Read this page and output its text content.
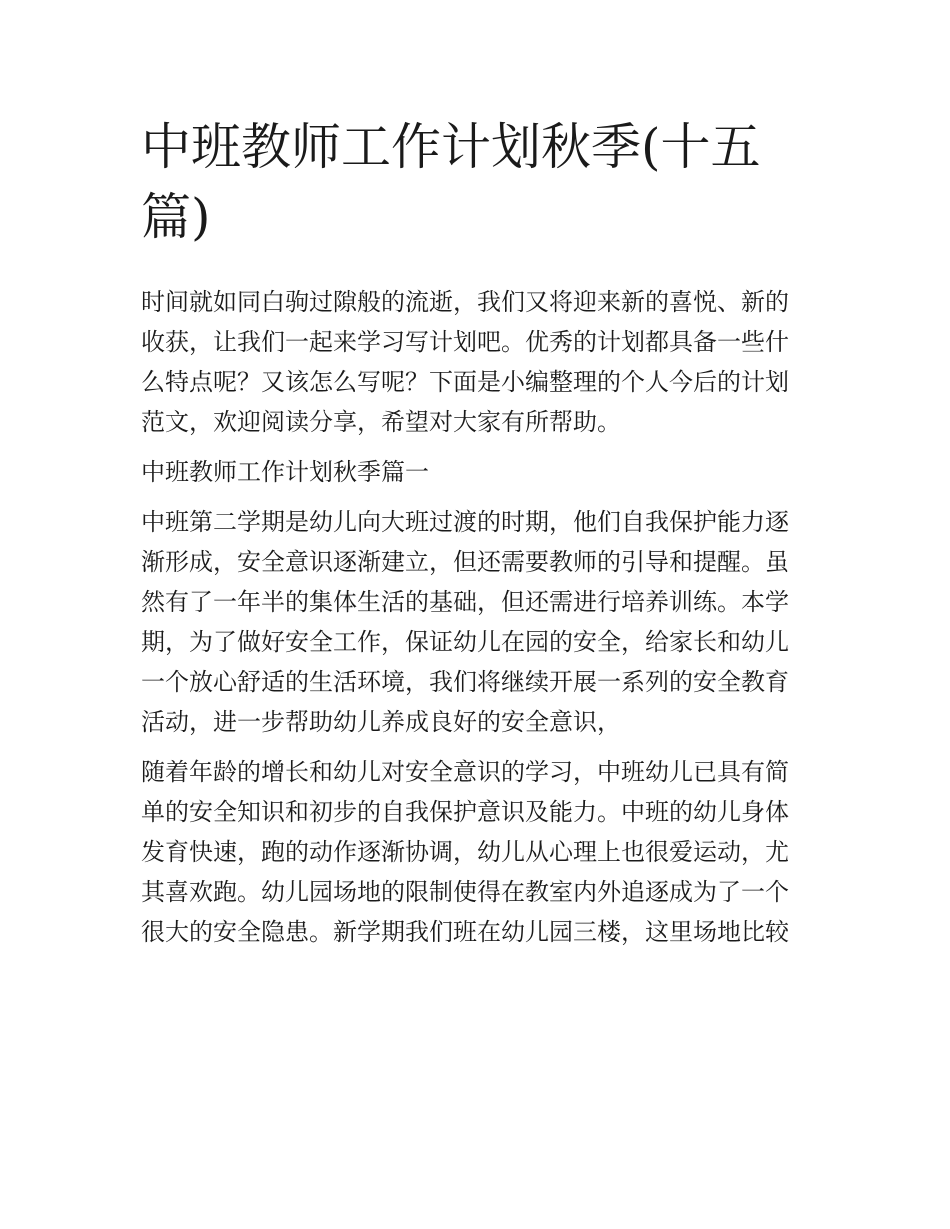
中班教师工作计划秋季(十五篇)
时间就如同白驹过隙般的流逝，我们又将迎来新的喜悦、新的
收获，让我们一起来学习写计划吧。优秀的计划都具备一些什
么特点呢？又该怎么写呢？下面是小编整理的个人今后的计划
范文，欢迎阅读分享，希望对大家有所帮助。
中班教师工作计划秋季篇一
中班第二学期是幼儿向大班过渡的时期，他们自我保护能力逐
渐形成，安全意识逐渐建立，但还需要教师的引导和提醒。虽
然有了一年半的集体生活的基础，但还需进行培养训练。本学
期，为了做好安全工作，保证幼儿在园的安全，给家长和幼儿
一个放心舒适的生活环境，我们将继续开展一系列的安全教育
活动，进一步帮助幼儿养成良好的安全意识，
随着年龄的增长和幼儿对安全意识的学习，中班幼儿已具有简
单的安全知识和初步的自我保护意识及能力。中班的幼儿身体
发育快速，跑的动作逐渐协调，幼儿从心理上也很爱运动，尤
其喜欢跑。幼儿园场地的限制使得在教室内外追逐成为了一个
很大的安全隐患。新学期我们班在幼儿园三楼，这里场地比较
